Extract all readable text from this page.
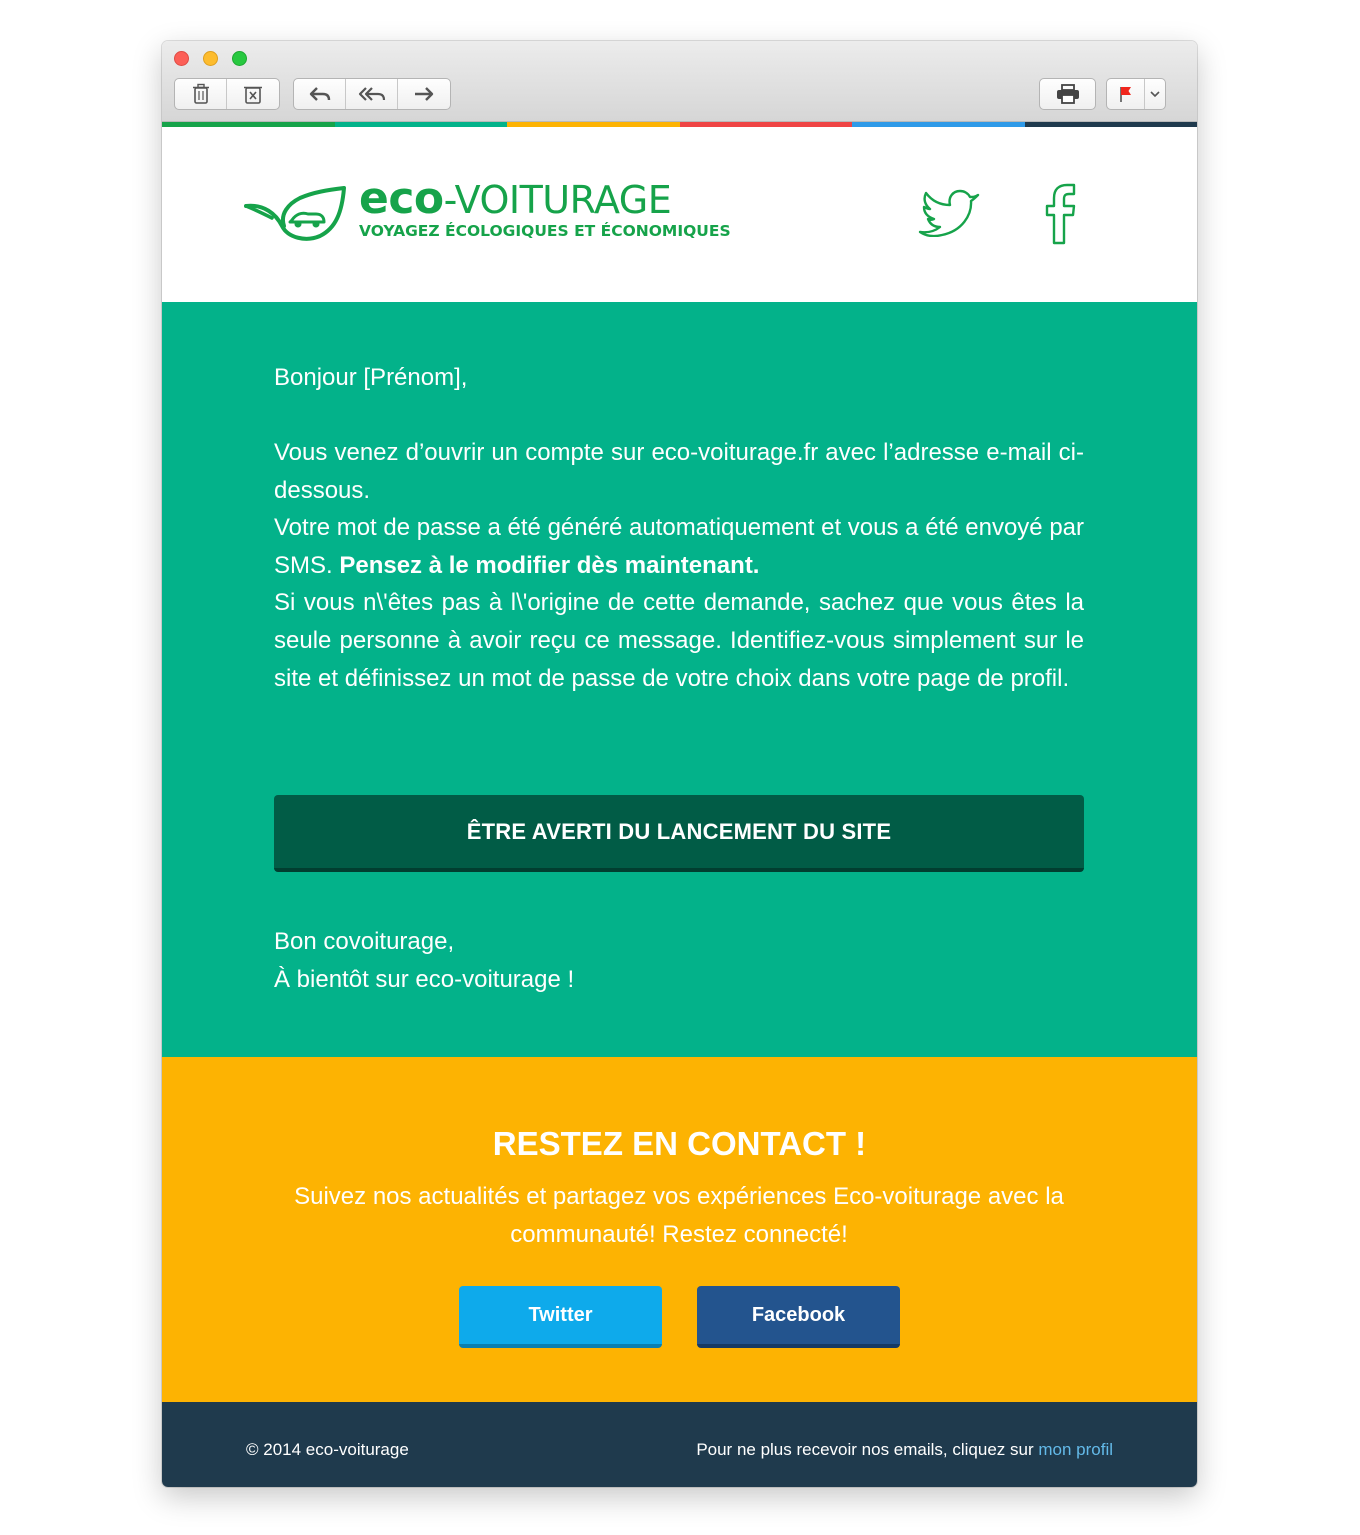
eco-VOITURAGE
VOYAGEZ ÉCOLOGIQUES ET ÉCONOMIQUES
Bonjour [Prénom],

Vous venez d’ouvrir un compte sur eco-voiturage.fr avec l’adresse e-mail ci-dessous.

Votre mot de passe a été généré automatiquement et vous a été envoyé par SMS. Pensez à le modifier dès maintenant.

Si vous n\'êtes pas à l\'origine de cette demande, sachez que vous êtes la seule personne à avoir reçu ce message. Identifiez-vous simplement sur le site et définissez un mot de passe de votre choix dans votre page de profil.

ÊTRE AVERTI DU LANCEMENT DU SITE
Bon covoiturage,
À bientôt sur eco-voiturage !
RESTEZ EN CONTACT !
Suivez nos actualités et partagez vos expériences Eco-voiturage avec la communauté! Restez connecté!
Twitter	Facebook
© 2014 eco-voiturage	Pour ne plus recevoir nos emails, cliquez sur mon profil
